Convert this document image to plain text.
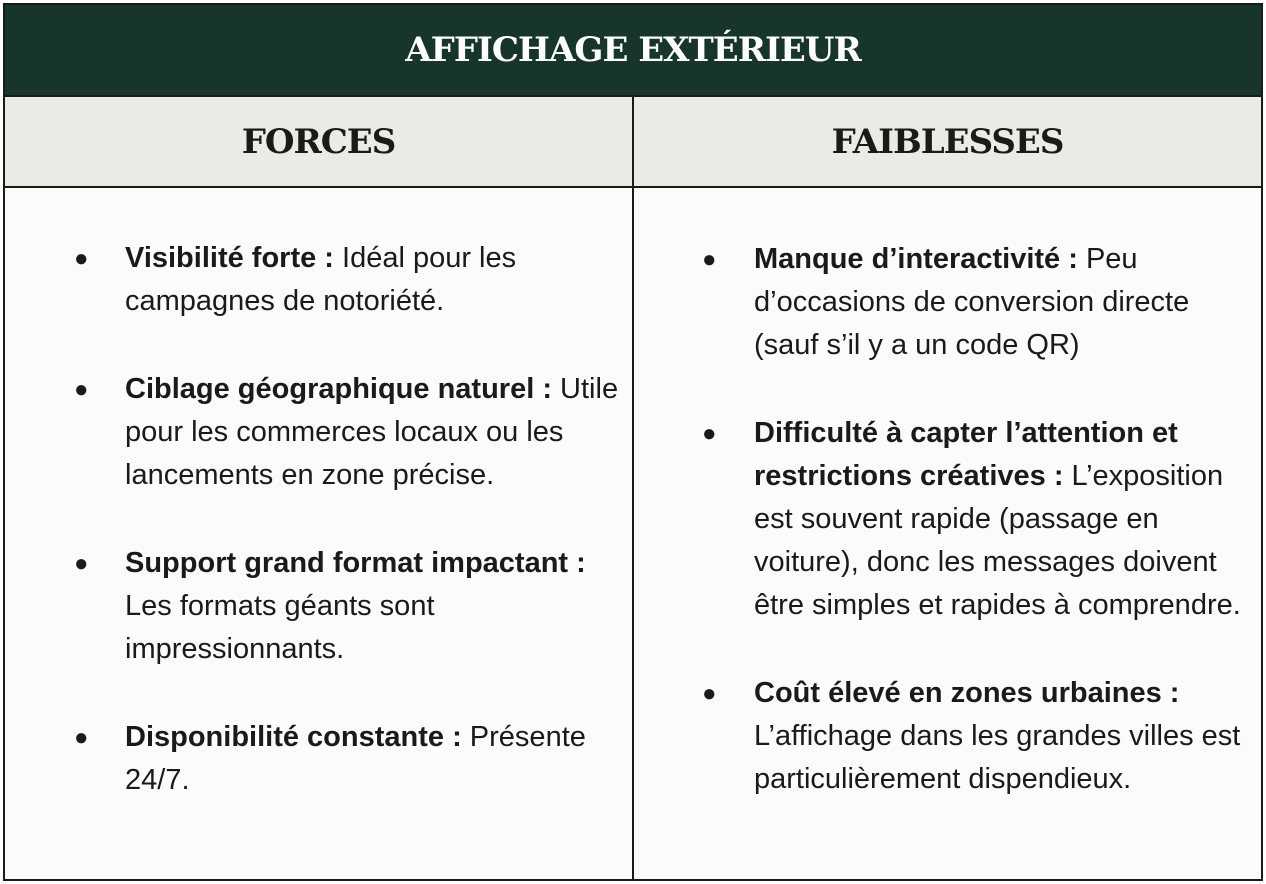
AFFICHAGE EXTÉRIEUR
FORCES	FAIBLESSES
● Visibilité forte : Idéal pour les campagnes de notoriété.
● Ciblage géographique naturel : Utile pour les commerces locaux ou les lancements en zone précise.
● Support grand format impactant : Les formats géants sont impressionnants.
● Disponibilité constante : Présente 24/7.
● Manque d’interactivité : Peu d’occasions de conversion directe (sauf s’il y a un code QR)
● Difficulté à capter l’attention et restrictions créatives : L’exposition est souvent rapide (passage en voiture), donc les messages doivent être simples et rapides à comprendre.
● Coût élevé en zones urbaines : L’affichage dans les grandes villes est particulièrement dispendieux.
